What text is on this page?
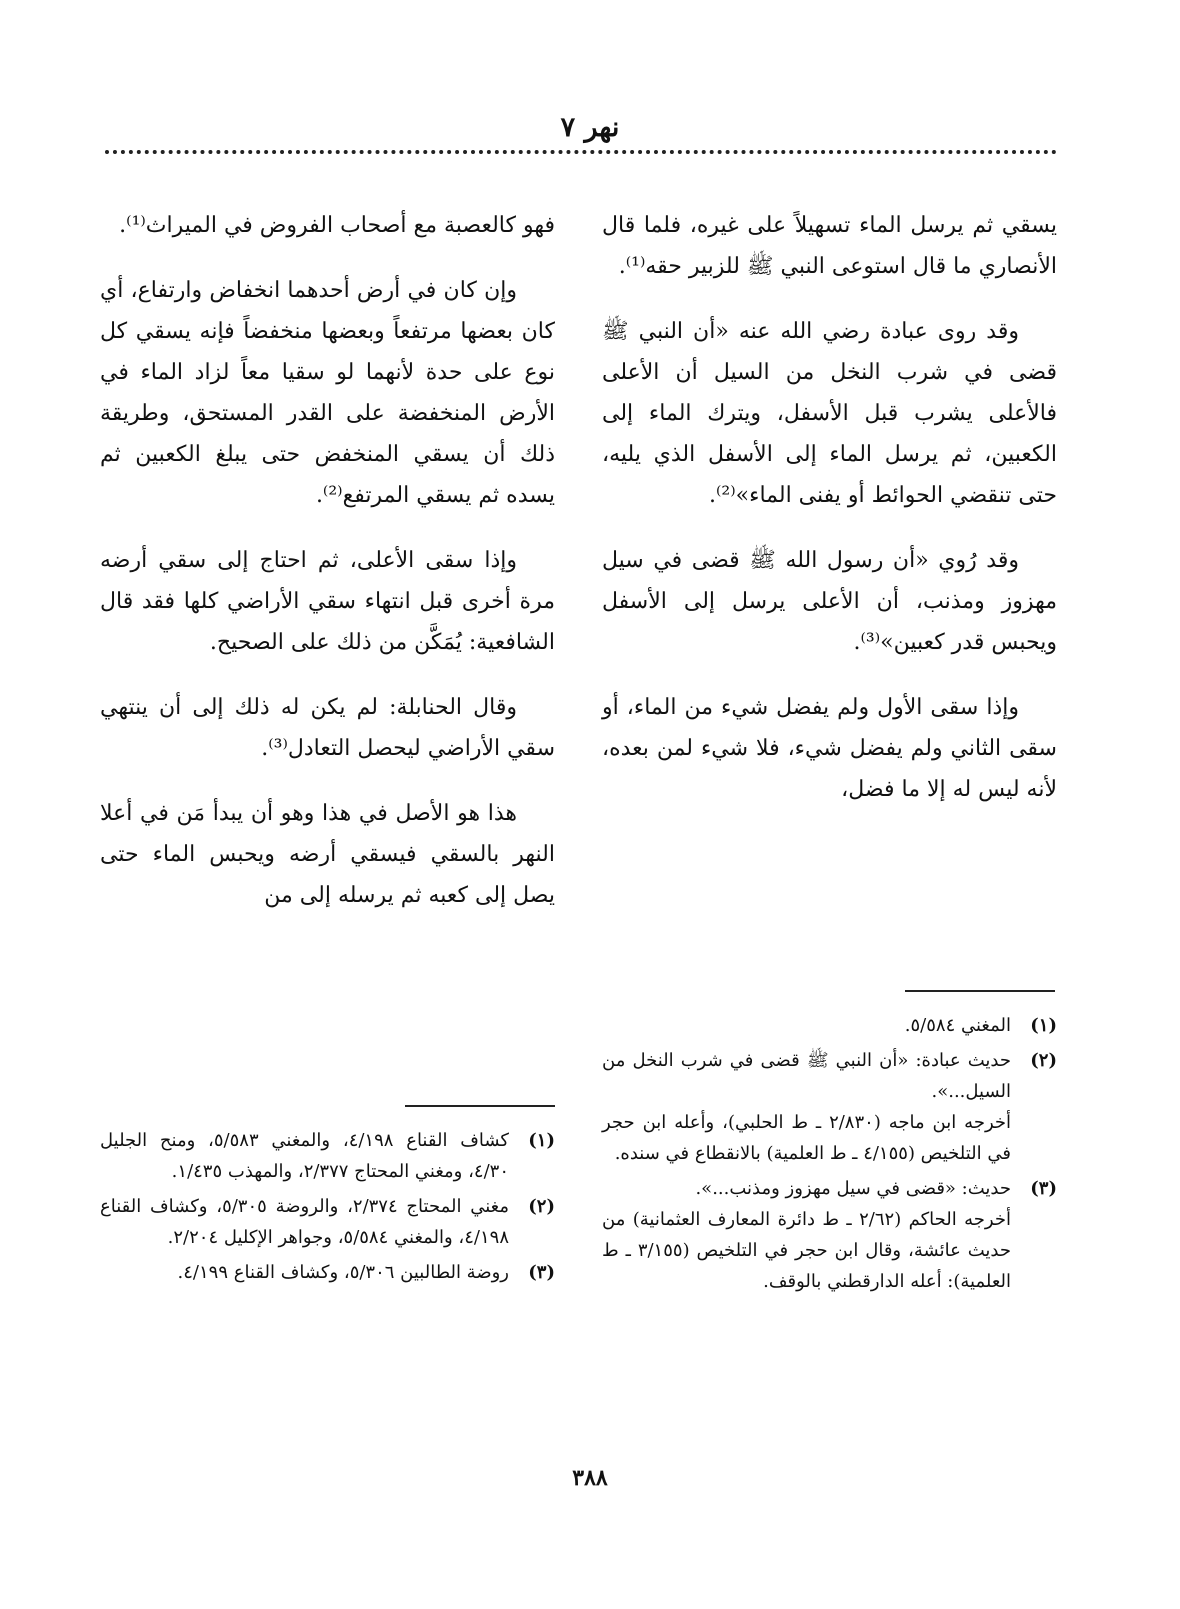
نهر ٧

يسقي ثم يرسل الماء تسهيلاً على غيره، فلما قال الأنصاري ما قال استوعى النبي ﷺ للزبير حقه⁽¹⁾.

وقد روى عبادة رضي الله عنه «أن النبي ﷺ قضى في شرب النخل من السيل أن الأعلى فالأعلى يشرب قبل الأسفل، ويترك الماء إلى الكعبين، ثم يرسل الماء إلى الأسفل الذي يليه، حتى تنقضي الحوائط أو يفنى الماء»⁽²⁾.

وقد رُوي «أن رسول الله ﷺ قضى في سيل مهزوز ومذنب، أن الأعلى يرسل إلى الأسفل ويحبس قدر كعبين»⁽³⁾.

وإذا سقى الأول ولم يفضل شيء من الماء، أو سقى الثاني ولم يفضل شيء، فلا شيء لمن بعده، لأنه ليس له إلا ما فضل،

فهو كالعصبة مع أصحاب الفروض في الميراث⁽¹⁾.

وإن كان في أرض أحدهما انخفاض وارتفاع، أي كان بعضها مرتفعاً وبعضها منخفضاً فإنه يسقي كل نوع على حدة لأنهما لو سقيا معاً لزاد الماء في الأرض المنخفضة على القدر المستحق، وطريقة ذلك أن يسقي المنخفض حتى يبلغ الكعبين ثم يسده ثم يسقي المرتفع⁽²⁾.

وإذا سقى الأعلى، ثم احتاج إلى سقي أرضه مرة أخرى قبل انتهاء سقي الأراضي كلها فقد قال الشافعية: يُمَكَّن من ذلك على الصحيح.

وقال الحنابلة: لم يكن له ذلك إلى أن ينتهي سقي الأراضي ليحصل التعادل⁽³⁾.

هذا هو الأصل في هذا وهو أن يبدأ مَن في أعلا النهر بالسقي فيسقي أرضه ويحبس الماء حتى يصل إلى كعبه ثم يرسله إلى من

(١)
المغني ٥/٥٨٤.
(٢)
حديث عبادة: «أن النبي ﷺ قضى في شرب النخل من السيل...».
أخرجه ابن ماجه (٢/٨٣٠ ـ ط الحلبي)، وأعله ابن حجر في التلخيص (٤/١٥٥ ـ ط العلمية) بالانقطاع في سنده.
(٣)
حديث: «قضى في سيل مهزوز ومذنب...».
أخرجه الحاكم (٢/٦٢ ـ ط دائرة المعارف العثمانية) من حديث عائشة، وقال ابن حجر في التلخيص (٣/١٥٥ ـ ط العلمية): أعله الدارقطني بالوقف.
(١)
كشاف القناع ٤/١٩٨، والمغني ٥/٥٨٣، ومنح الجليل ٤/٣٠، ومغني المحتاج ٢/٣٧٧، والمهذب ١/٤٣٥.
(٢)
مغني المحتاج ٢/٣٧٤، والروضة ٥/٣٠٥، وكشاف القناع ٤/١٩٨، والمغني ٥/٥٨٤، وجواهر الإكليل ٢/٢٠٤.
(٣)
روضة الطالبين ٥/٣٠٦، وكشاف القناع ٤/١٩٩.
٣٨٨
